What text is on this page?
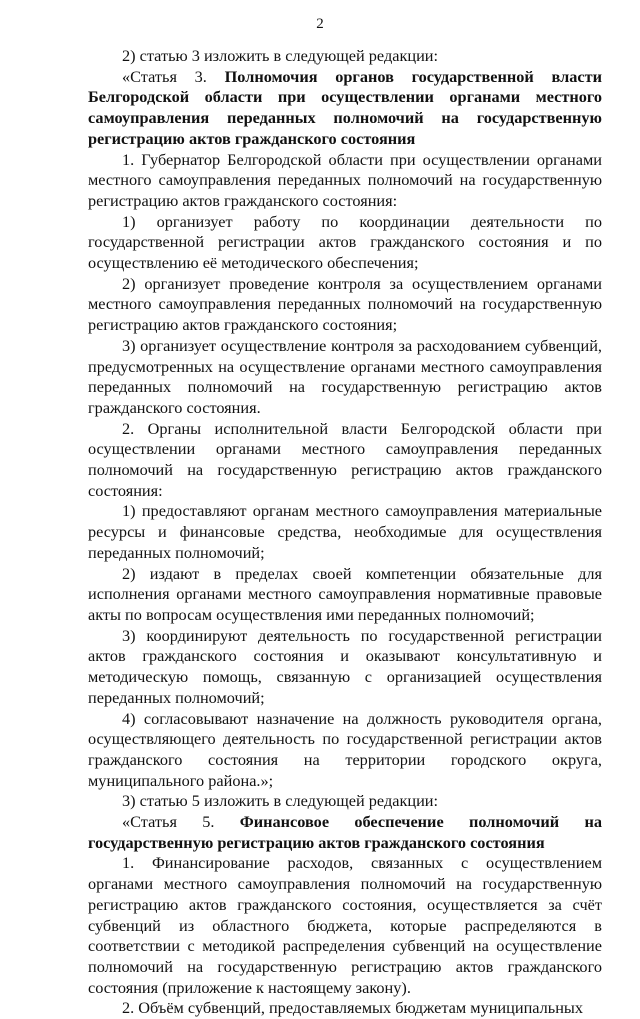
2

2) статью 3 изложить в следующей редакции:

«Статья 3. Полномочия органов государственной власти Белгородской области при осуществлении органами местного самоуправления переданных полномочий на государственную регистрацию актов гражданского состояния

1. Губернатор Белгородской области при осуществлении органами местного самоуправления переданных полномочий на государственную регистрацию актов гражданского состояния:

1) организует работу по координации деятельности по государственной регистрации актов гражданского состояния и по осуществлению её методического обеспечения;

2) организует проведение контроля за осуществлением органами местного самоуправления переданных полномочий на государственную регистрацию актов гражданского состояния;

3) организует осуществление контроля за расходованием субвенций, предусмотренных на осуществление органами местного самоуправления переданных полномочий на государственную регистрацию актов гражданского состояния.

2. Органы исполнительной власти Белгородской области при осуществлении органами местного самоуправления переданных полномочий на государственную регистрацию актов гражданского состояния:

1) предоставляют органам местного самоуправления материальные ресурсы и финансовые средства, необходимые для осуществления переданных полномочий;

2) издают в пределах своей компетенции обязательные для исполнения органами местного самоуправления нормативные правовые акты по вопросам осуществления ими переданных полномочий;

3) координируют деятельность по государственной регистрации актов гражданского состояния и оказывают консультативную и методическую помощь, связанную с организацией осуществления переданных полномочий;

4) согласовывают назначение на должность руководителя органа, осуществляющего деятельность по государственной регистрации актов гражданского состояния на территории городского округа, муниципального района.»;

3) статью 5 изложить в следующей редакции:

«Статья 5. Финансовое обеспечение полномочий на государственную регистрацию актов гражданского состояния

1. Финансирование расходов, связанных с осуществлением органами местного самоуправления полномочий на государственную регистрацию актов гражданского состояния, осуществляется за счёт субвенций из областного бюджета, которые распределяются в соответствии с методикой распределения субвенций на осуществление полномочий на государственную регистрацию актов гражданского состояния (приложение к настоящему закону).

2. Объём субвенций, предоставляемых бюджетам муниципальных
